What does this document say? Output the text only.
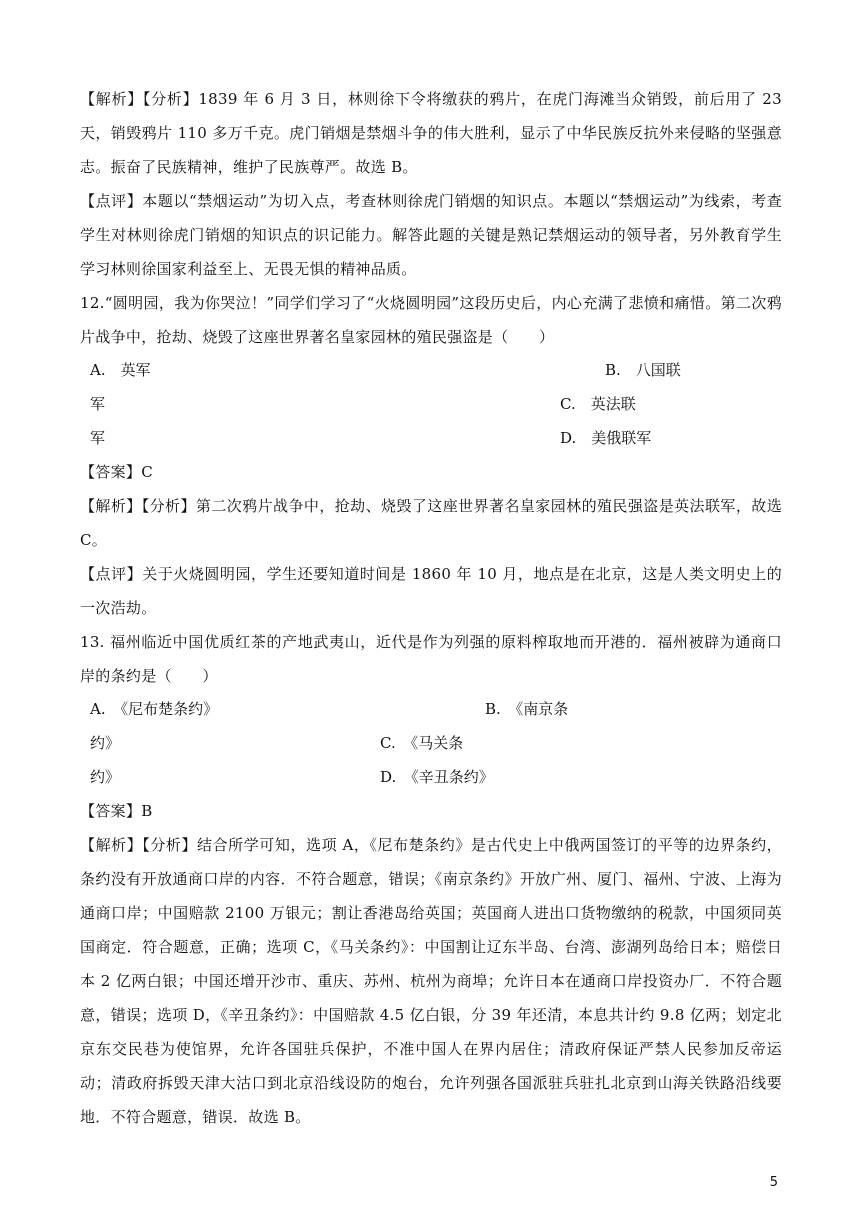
【解析】【分析】1839 年 6 月 3 日，林则徐下令将缴获的鸦片，在虎门海滩当众销毁，前后用了 23 天，销毁鸦片 110 多万千克。虎门销烟是禁烟斗争的伟大胜利，显示了中华民族反抗外来侵略的坚强意志。振奋了民族精神，维护了民族尊严。故选 B。
【点评】本题以“禁烟运动”为切入点，考查林则徐虎门销烟的知识点。本题以“禁烟运动”为线索，考查学生对林则徐虎门销烟的知识点的识记能力。解答此题的关键是熟记禁烟运动的领导者，另外教育学生学习林则徐国家利益至上、无畏无惧的精神品质。
12.“圆明园，我为你哭泣！”同学们学习了“火烧圆明园”这段历史后，内心充满了悲愤和痛惜。第二次鸦片战争中，抢劫、烧毁了这座世界著名皇家园林的殖民强盗是（　　）
A.　英军	B.　八国联
军	C.　英法联
军	D.　美俄联军
【答案】C
【解析】【分析】第二次鸦片战争中，抢劫、烧毁了这座世界著名皇家园林的殖民强盗是英法联军，故选 C。
【点评】关于火烧圆明园，学生还要知道时间是 1860 年 10 月，地点是在北京，这是人类文明史上的一次浩劫。
13. 福州临近中国优质红茶的产地武夷山，近代是作为列强的原料榨取地而开港的．福州被辟为通商口岸的条约是（　　）
A.　《尼布楚条约》	B.　《南京条
约》	C.　《马关条
约》	D.　《辛丑条约》
【答案】B
【解析】【分析】结合所学可知，选项 A，《尼布楚条约》是古代史上中俄两国签订的平等的边界条约，条约没有开放通商口岸的内容．不符合题意，错误；《南京条约》开放广州、厦门、福州、宁波、上海为通商口岸；中国赔款 2100 万银元；割让香港岛给英国；英国商人进出口货物缴纳的税款，中国须同英国商定．符合题意，正确；选项 C，《马关条约》：中国割让辽东半岛、台湾、澎湖列岛给日本；赔偿日本 2 亿两白银；中国还增开沙市、重庆、苏州、杭州为商埠；允许日本在通商口岸投资办厂．不符合题意，错误；选项 D，《辛丑条约》：中国赔款 4.5 亿白银，分 39 年还清，本息共计约 9.8 亿两；划定北京东交民巷为使馆界，允许各国驻兵保护，不准中国人在界内居住；清政府保证严禁人民参加反帝运动；清政府拆毁天津大沽口到北京沿线设防的炮台，允许列强各国派驻兵驻扎北京到山海关铁路沿线要地．不符合题意，错误．故选 B。
5
